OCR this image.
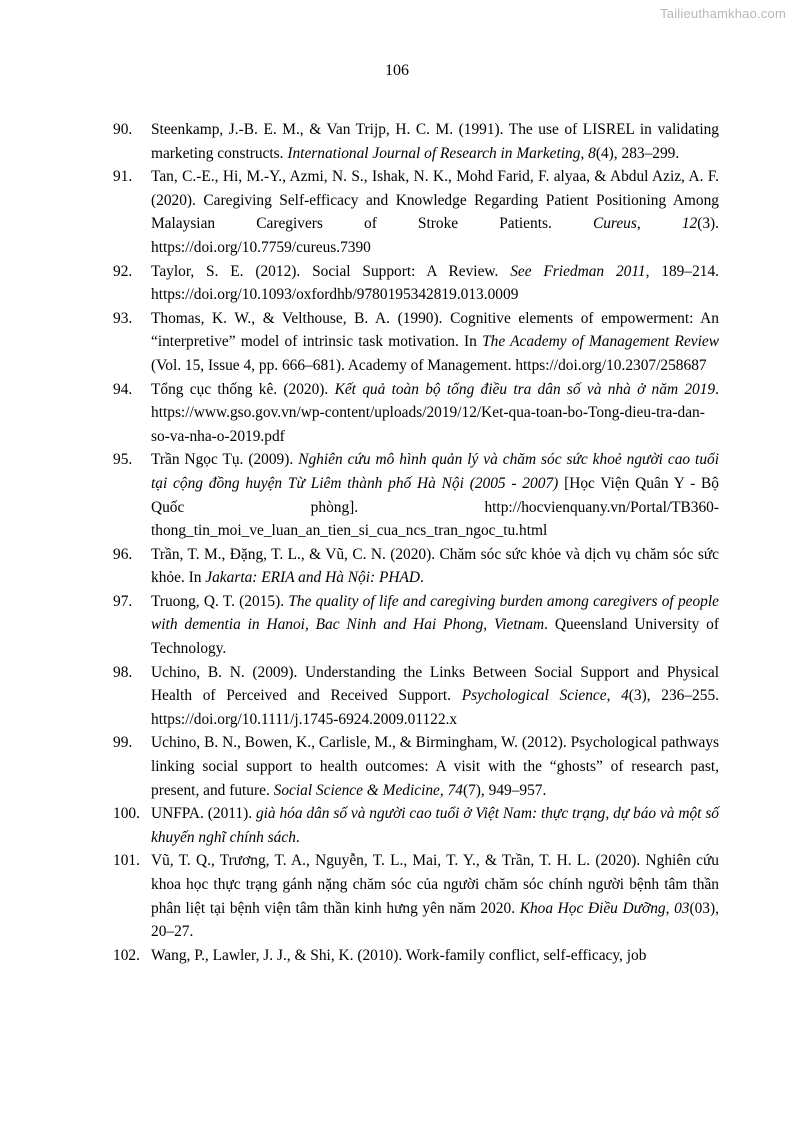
Tailieuthamkhao.com
106
90. Steenkamp, J.-B. E. M., & Van Trijp, H. C. M. (1991). The use of LISREL in validating marketing constructs. International Journal of Research in Marketing, 8(4), 283–299.
91. Tan, C.-E., Hi, M.-Y., Azmi, N. S., Ishak, N. K., Mohd Farid, F. alyaa, & Abdul Aziz, A. F. (2020). Caregiving Self-efficacy and Knowledge Regarding Patient Positioning Among Malaysian Caregivers of Stroke Patients. Cureus, 12(3). https://doi.org/10.7759/cureus.7390
92. Taylor, S. E. (2012). Social Support: A Review. See Friedman 2011, 189–214. https://doi.org/10.1093/oxfordhb/9780195342819.013.0009
93. Thomas, K. W., & Velthouse, B. A. (1990). Cognitive elements of empowerment: An “interpretive” model of intrinsic task motivation. In The Academy of Management Review (Vol. 15, Issue 4, pp. 666–681). Academy of Management. https://doi.org/10.2307/258687
94. Tổng cục thống kê. (2020). Kết quả toàn bộ tổng điều tra dân số và nhà ở năm 2019. https://www.gso.gov.vn/wp-content/uploads/2019/12/Ket-qua-toan-bo-Tong-dieu-tra-dan-so-va-nha-o-2019.pdf
95. Trần Ngọc Tụ. (2009). Nghiên cứu mô hình quản lý và chăm sóc sức khoẻ người cao tuổi tại cộng đồng huyện Từ Liêm thành phố Hà Nội (2005 - 2007) [Học Viện Quân Y - Bộ Quốc phòng]. http://hocvienquany.vn/Portal/TB360-thong_tin_moi_ve_luan_an_tien_si_cua_ncs_tran_ngoc_tu.html
96. Trần, T. M., Đặng, T. L., & Vũ, C. N. (2020). Chăm sóc sức khỏe và dịch vụ chăm sóc sức khỏe. In Jakarta: ERIA and Hà Nội: PHAD.
97. Truong, Q. T. (2015). The quality of life and caregiving burden among caregivers of people with dementia in Hanoi, Bac Ninh and Hai Phong, Vietnam. Queensland University of Technology.
98. Uchino, B. N. (2009). Understanding the Links Between Social Support and Physical Health of Perceived and Received Support. Psychological Science, 4(3), 236–255. https://doi.org/10.1111/j.1745-6924.2009.01122.x
99. Uchino, B. N., Bowen, K., Carlisle, M., & Birmingham, W. (2012). Psychological pathways linking social support to health outcomes: A visit with the “ghosts” of research past, present, and future. Social Science & Medicine, 74(7), 949–957.
100. UNFPA. (2011). già hóa dân số và người cao tuổi ở Việt Nam: thực trạng, dự báo và một số khuyến nghĩ chính sách.
101. Vũ, T. Q., Trương, T. A., Nguyễn, T. L., Mai, T. Y., & Trần, T. H. L. (2020). Nghiên cứu khoa học thực trạng gánh nặng chăm sóc của người chăm sóc chính người bệnh tâm thần phân liệt tại bệnh viện tâm thần kinh hưng yên năm 2020. Khoa Học Điều Dưỡng, 03(03), 20–27.
102. Wang, P., Lawler, J. J., & Shi, K. (2010). Work-family conflict, self-efficacy, job
